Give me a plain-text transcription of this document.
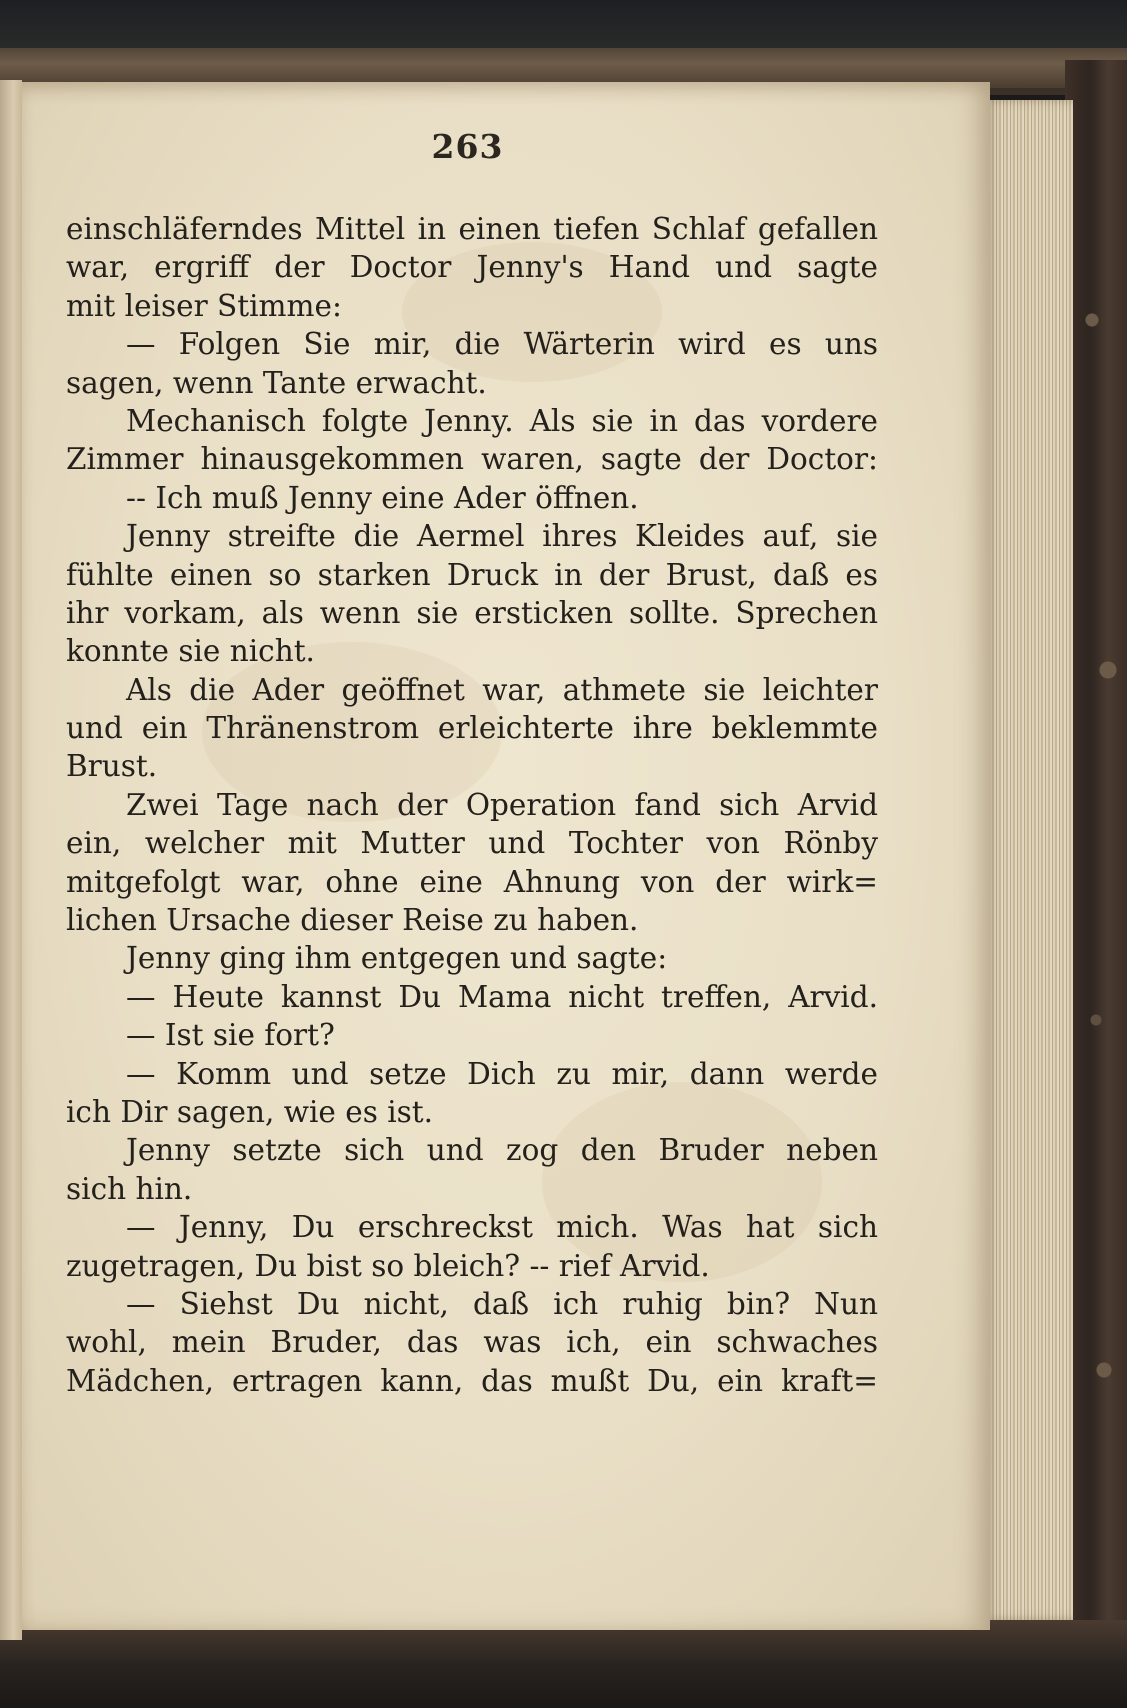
263
einschläferndes Mittel in einen tiefen Schlaf gefallen
war, ergriff der Doctor Jenny's Hand und sagte
mit leiser Stimme:
— Folgen Sie mir, die Wärterin wird es uns
sagen, wenn Tante erwacht.
Mechanisch folgte Jenny. Als sie in das vordere
Zimmer hinausgekommen waren, sagte der Doctor:
-- Ich muß Jenny eine Ader öffnen.
Jenny streifte die Aermel ihres Kleides auf, sie
fühlte einen so starken Druck in der Brust, daß es
ihr vorkam, als wenn sie ersticken sollte. Sprechen
konnte sie nicht.
Als die Ader geöffnet war, athmete sie leichter
und ein Thränenstrom erleichterte ihre beklemmte
Brust.
Zwei Tage nach der Operation fand sich Arvid
ein, welcher mit Mutter und Tochter von Rönby
mitgefolgt war, ohne eine Ahnung von der wirk=
lichen Ursache dieser Reise zu haben.
Jenny ging ihm entgegen und sagte:
— Heute kannst Du Mama nicht treffen, Arvid.
— Ist sie fort?
— Komm und setze Dich zu mir, dann werde
ich Dir sagen, wie es ist.
Jenny setzte sich und zog den Bruder neben
sich hin.
— Jenny, Du erschreckst mich. Was hat sich
zugetragen, Du bist so bleich? -- rief Arvid.
— Siehst Du nicht, daß ich ruhig bin? Nun
wohl, mein Bruder, das was ich, ein schwaches
Mädchen, ertragen kann, das mußt Du, ein kraft=
